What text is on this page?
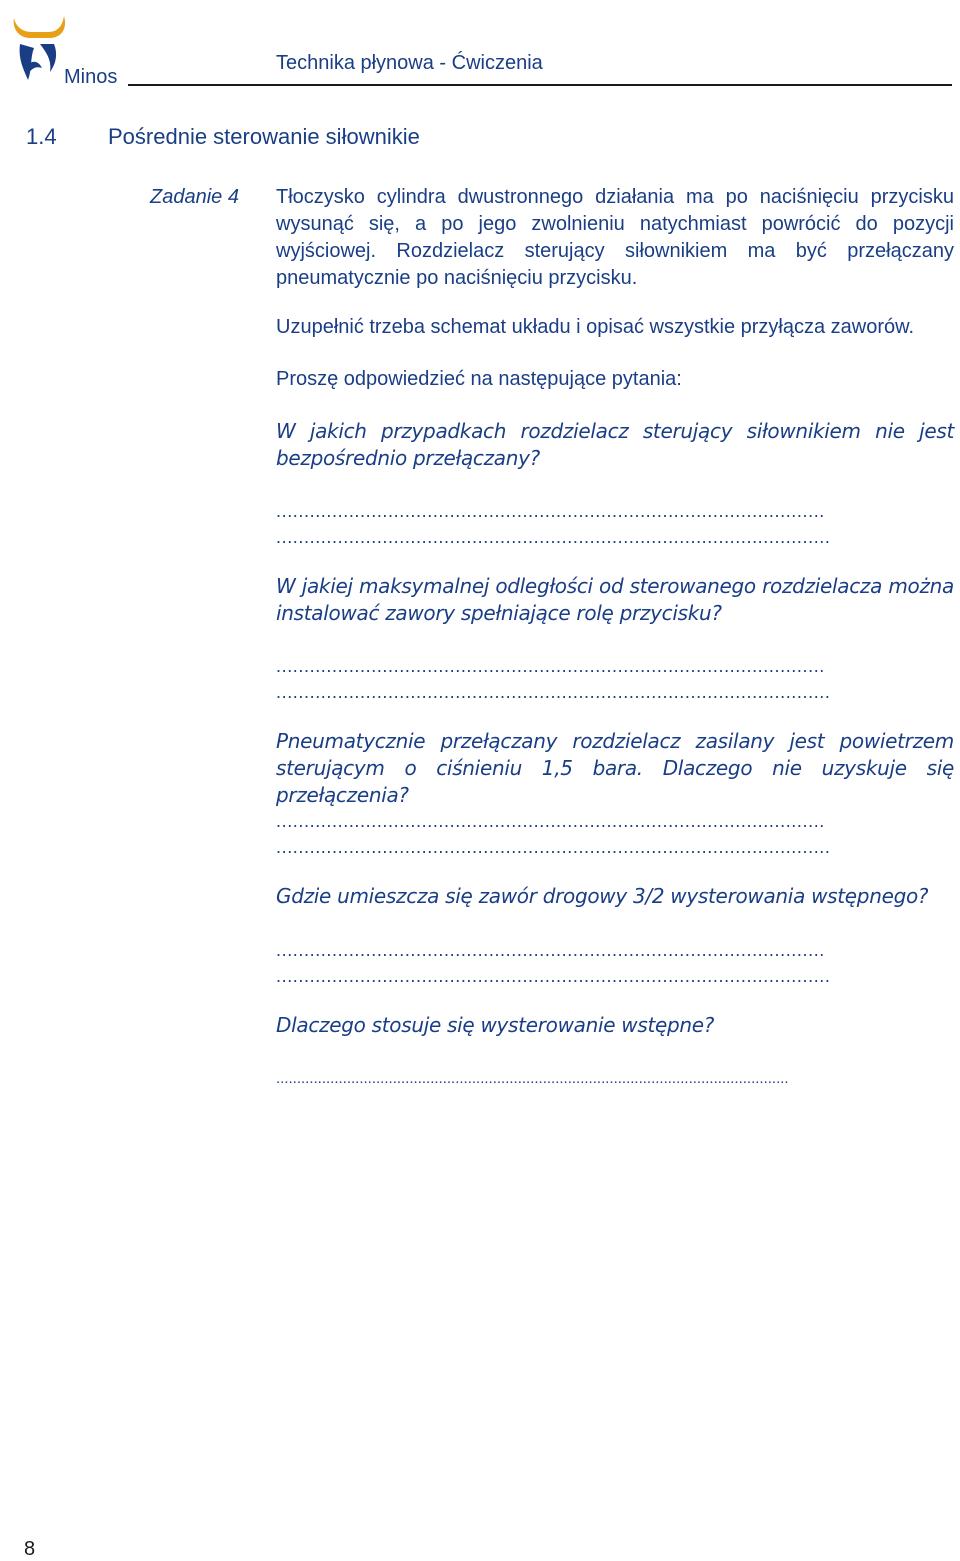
Minos
Technika płynowa - Ćwiczenia
1.4 Pośrednie sterowanie siłownikie
Zadanie 4 Tłoczysko cylindra dwustronnego działania ma po naciśnięciu przycisku wysunąć się, a po jego zwolnieniu natychmiast powrócić do pozycji wyjściowej. Rozdzielacz sterujący siłownikiem ma być przełączany pneumatycznie po naciśnięciu przycisku.
Uzupełnić trzeba schemat układu i opisać wszystkie przyłącza zaworów.
Proszę odpowiedzieć na następujące pytania:
W jakich przypadkach rozdzielacz sterujący siłownikiem nie jest bezpośrednio przełączany?
..................................................................................................
...................................................................................................
W jakiej maksymalnej odległości od sterowanego rozdzielacza można instalować zawory spełniające rolę przycisku?
..................................................................................................
...................................................................................................
Pneumatycznie przełączany rozdzielacz zasilany jest powietrzem sterującym o ciśnieniu 1,5 bara. Dlaczego nie uzyskuje się przełączenia?
..................................................................................................
...................................................................................................
Gdzie umieszcza się zawór drogowy 3/2 wysterowania wstępnego?
..................................................................................................
...................................................................................................
Dlaczego stosuje się wysterowanie wstępne?
...........................................................................................................................
8
